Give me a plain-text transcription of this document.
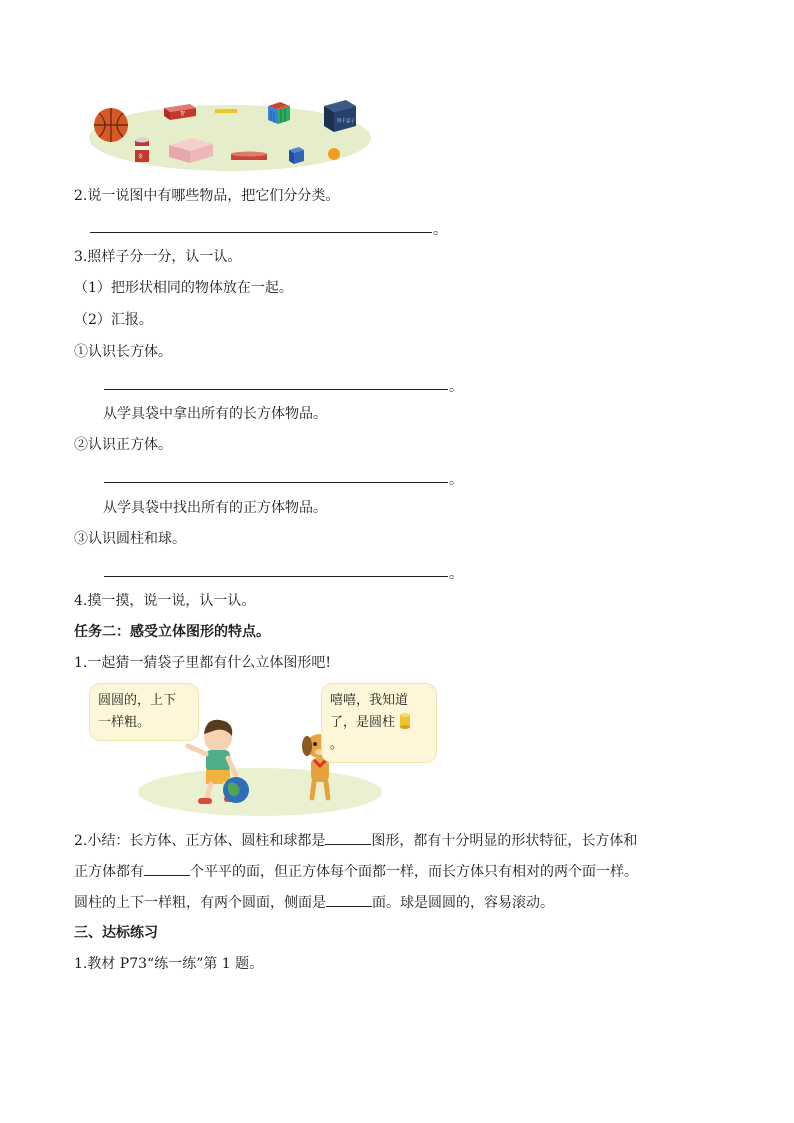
智
饼干盒子
茶
2.说一说图中有哪些物品，把它们分分类。
。
3.照样子分一分，认一认。
（1）把形状相同的物体放在一起。
（2）汇报。
①认识长方体。
。
从学具袋中拿出所有的长方体物品。
②认识正方体。
。
从学具袋中找出所有的正方体物品。
③认识圆柱和球。
。
4.摸一摸，说一说，认一认。
任务二：感受立体图形的特点。
1.一起猜一猜袋子里都有什么立体图形吧!
圆圆的，上下
一样粗。
嘻嘻，我知道
了，是圆柱  。
2.小结：长方体、正方体、圆柱和球都是	图形，都有十分明显的形状特征，长方体和
正方体都有	个平平的面，但正方体每个面都一样，而长方体只有相对的两个面一样。
圆柱的上下一样粗，有两个圆面，侧面是	面。球是圆圆的，容易滚动。
三、达标练习
1.教材 P73“练一练”第 1 题。
